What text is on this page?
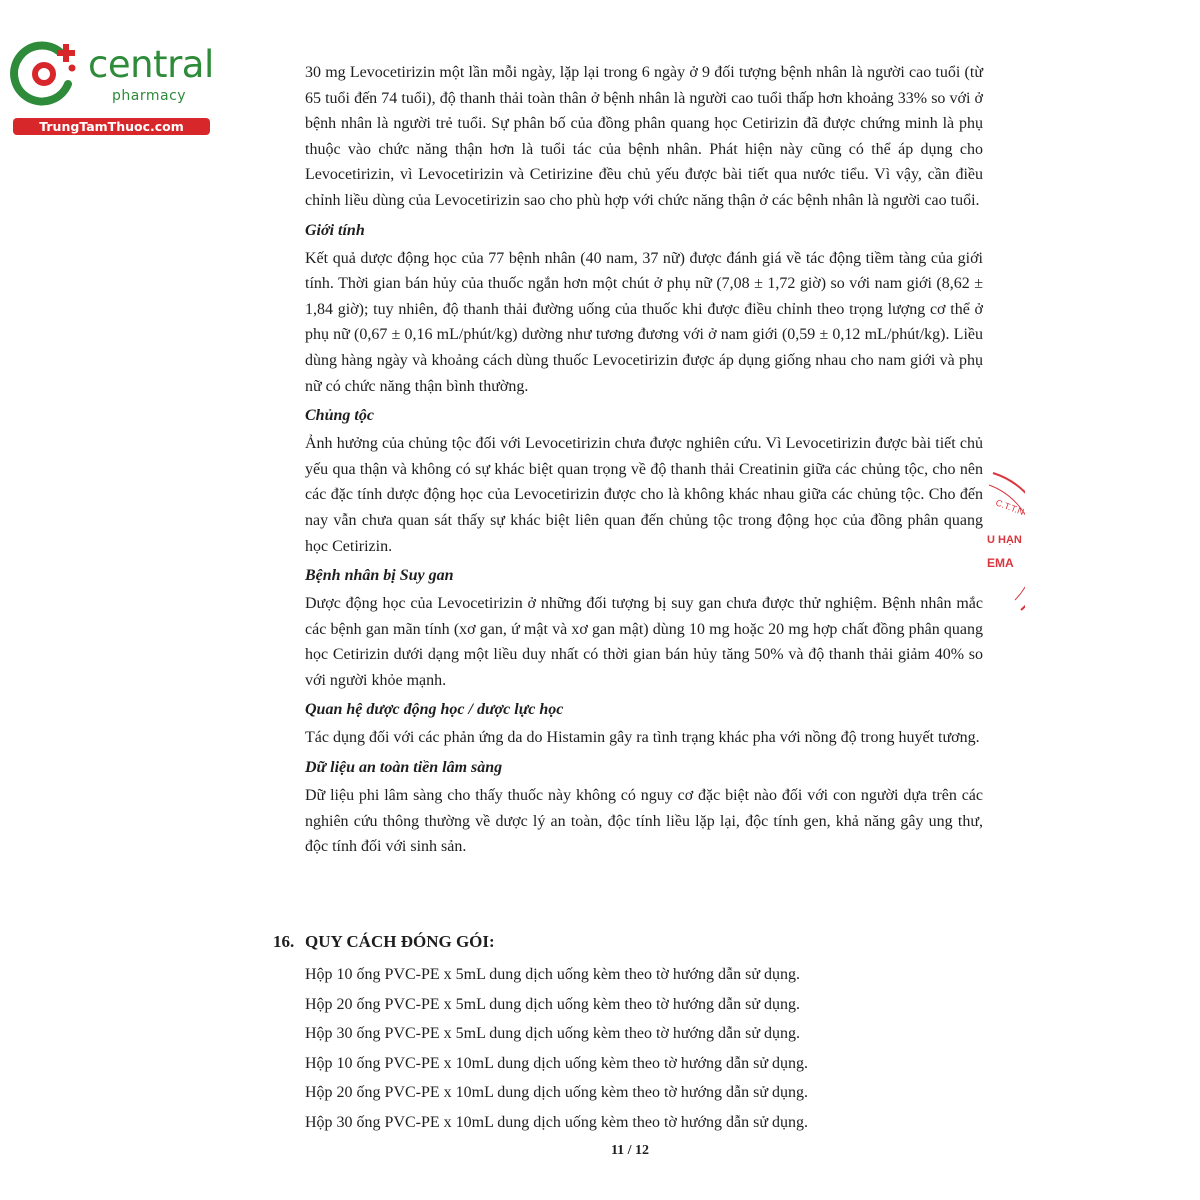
central
pharmacy
TrungTamThuoc.com

30 mg Levocetirizin một lần mỗi ngày, lặp lại trong 6 ngày ở 9 đối tượng bệnh nhân là người cao tuổi (từ 65 tuổi đến 74 tuổi), độ thanh thải toàn thân ở bệnh nhân là người cao tuổi thấp hơn khoảng 33% so với ở bệnh nhân là người trẻ tuổi. Sự phân bố của đồng phân quang học Cetirizin đã được chứng minh là phụ thuộc vào chức năng thận hơn là tuổi tác của bệnh nhân. Phát hiện này cũng có thể áp dụng cho Levocetirizin, vì Levocetirizin và Cetirizine đều chủ yếu được bài tiết qua nước tiểu. Vì vậy, cần điều chỉnh liều dùng của Levocetirizin sao cho phù hợp với chức năng thận ở các bệnh nhân là người cao tuổi.

Giới tính

Kết quả dược động học của 77 bệnh nhân (40 nam, 37 nữ) được đánh giá về tác động tiềm tàng của giới tính. Thời gian bán hủy của thuốc ngắn hơn một chút ở phụ nữ (7,08 ± 1,72 giờ) so với nam giới (8,62 ± 1,84 giờ); tuy nhiên, độ thanh thải đường uống của thuốc khi được điều chỉnh theo trọng lượng cơ thể ở phụ nữ (0,67 ± 0,16 mL/phút/kg) dường như tương đương với ở nam giới (0,59 ± 0,12 mL/phút/kg). Liều dùng hàng ngày và khoảng cách dùng thuốc Levocetirizin được áp dụng giống nhau cho nam giới và phụ nữ có chức năng thận bình thường.

Chủng tộc

Ảnh hưởng của chủng tộc đối với Levocetirizin chưa được nghiên cứu. Vì Levocetirizin được bài tiết chủ yếu qua thận và không có sự khác biệt quan trọng về độ thanh thải Creatinin giữa các chủng tộc, cho nên các đặc tính dược động học của Levocetirizin được cho là không khác nhau giữa các chủng tộc. Cho đến nay vẫn chưa quan sát thấy sự khác biệt liên quan đến chủng tộc trong động học của đồng phân quang học Cetirizin.

Bệnh nhân bị Suy gan

Dược động học của Levocetirizin ở những đối tượng bị suy gan chưa được thử nghiệm. Bệnh nhân mắc các bệnh gan mãn tính (xơ gan, ứ mật và xơ gan mật) dùng 10 mg hoặc 20 mg hợp chất đồng phân quang học Cetirizin dưới dạng một liều duy nhất có thời gian bán hủy tăng 50% và độ thanh thải giảm 40% so với người khỏe mạnh.

Quan hệ dược động học / dược lực học

Tác dụng đối với các phản ứng da do Histamin gây ra tình trạng khác pha với nồng độ trong huyết tương.

Dữ liệu an toàn tiền lâm sàng

Dữ liệu phi lâm sàng cho thấy thuốc này không có nguy cơ đặc biệt nào đối với con người dựa trên các nghiên cứu thông thường về dược lý an toàn, độc tính liều lặp lại, độc tính gen, khả năng gây ung thư, độc tính đối với sinh sản.

16. QUY CÁCH ĐÓNG GÓI:
Hộp 10 ống PVC-PE x 5mL dung dịch uống kèm theo tờ hướng dẫn sử dụng.
Hộp 20 ống PVC-PE x 5mL dung dịch uống kèm theo tờ hướng dẫn sử dụng.
Hộp 30 ống PVC-PE x 5mL dung dịch uống kèm theo tờ hướng dẫn sử dụng.
Hộp 10 ống PVC-PE x 10mL dung dịch uống kèm theo tờ hướng dẫn sử dụng.
Hộp 20 ống PVC-PE x 10mL dung dịch uống kèm theo tờ hướng dẫn sử dụng.
Hộp 30 ống PVC-PE x 10mL dung dịch uống kèm theo tờ hướng dẫn sử dụng.
11 / 12
C.T.T.N
U HẠN
EMA
